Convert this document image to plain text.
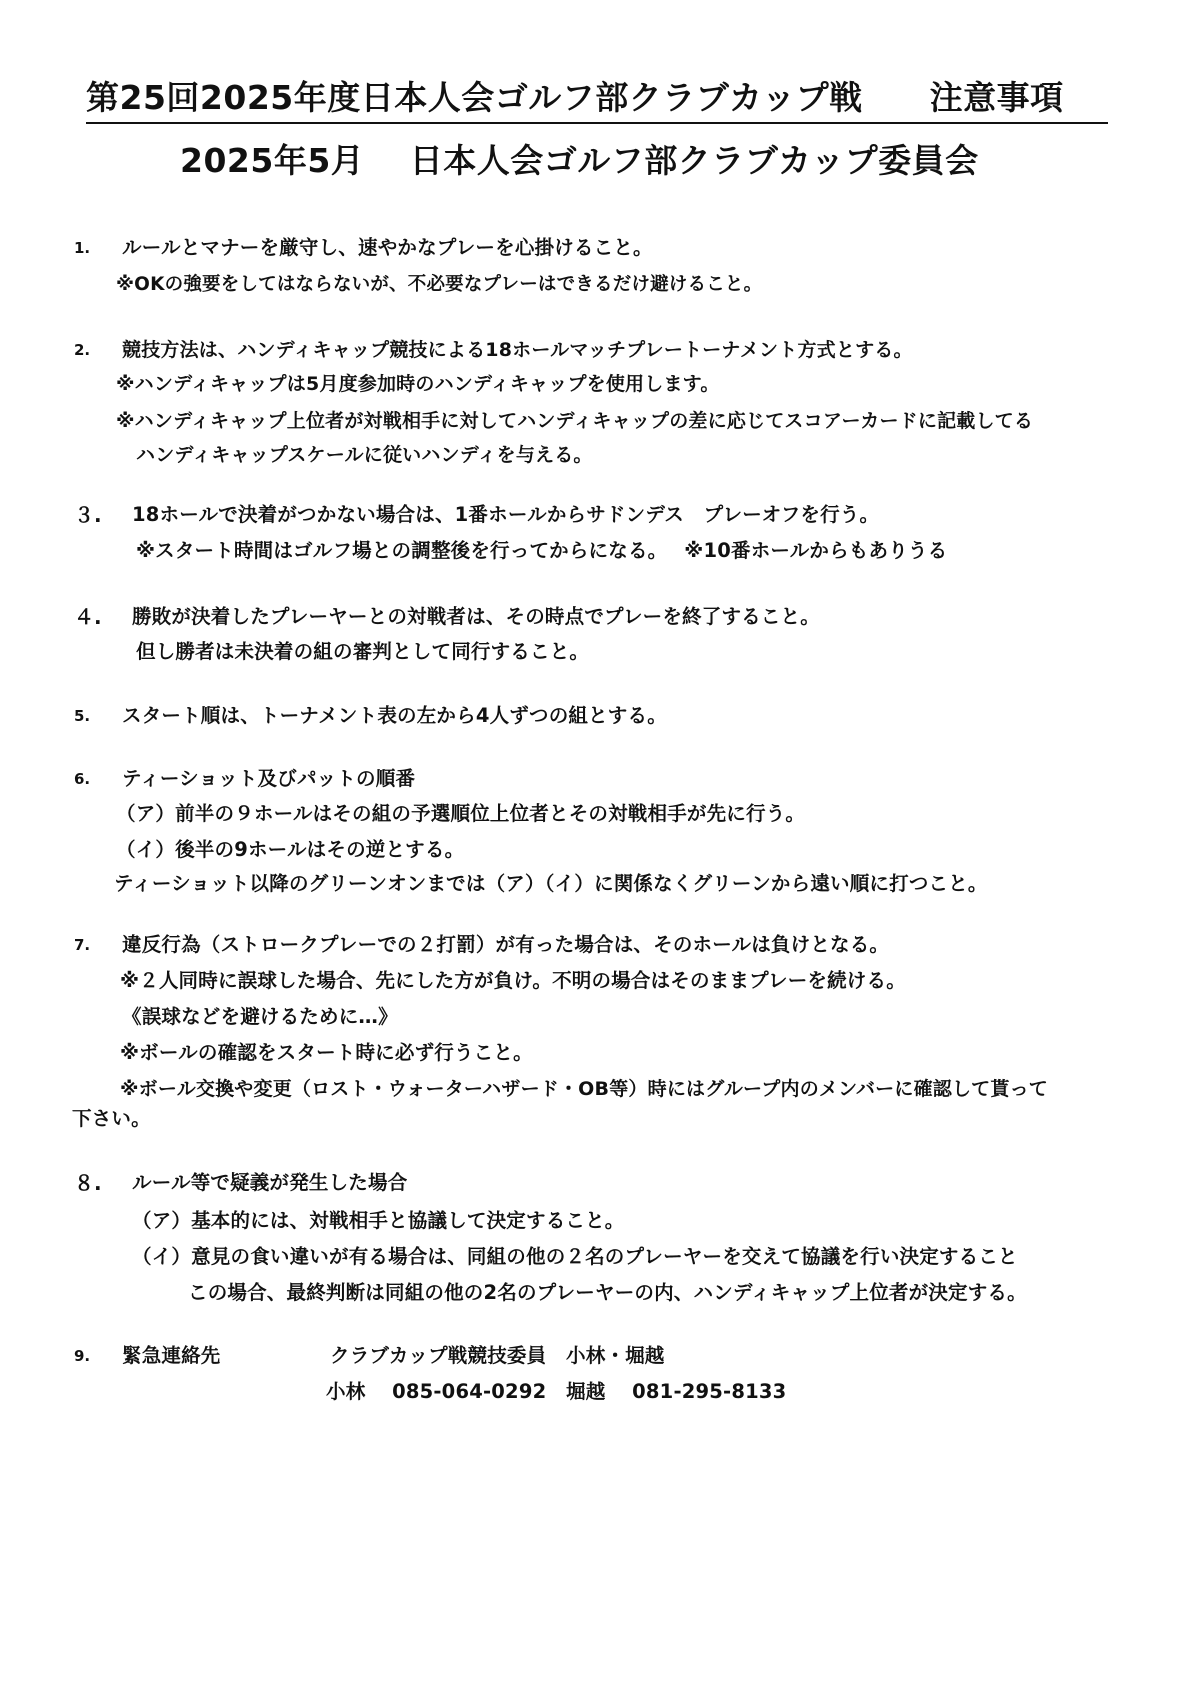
第25回2025年度日本人会ゴルフ部クラブカップ戦　　注意事項
2025年5月　 日本人会ゴルフ部クラブカップ委員会
1. ルールとマナーを厳守し、速やかなプレーを心掛けること。
※OKの強要をしてはならないが、不必要なプレーはできるだけ避けること。
2. 競技方法は、ハンディキャップ競技による18ホールマッチプレートーナメント方式とする。
※ハンディキャップは5月度参加時のハンディキャップを使用します。
※ハンディキャップ上位者が対戦相手に対してハンディキャップの差に応じてスコアーカードに記載してる
ハンディキャップスケールに従いハンディを与える。
３. 18ホールで決着がつかない場合は、1番ホールからサドンデス　プレーオフを行う。
※スタート時間はゴルフ場との調整後を行ってからになる。　 ※10番ホールからもありうる
４. 勝敗が決着したプレーヤーとの対戦者は、その時点でプレーを終了すること。
但し勝者は未決着の組の審判として同行すること。
5. スタート順は、トーナメント表の左から4人ずつの組とする。
6. ティーショット及びパットの順番
（ア）前半の９ホールはその組の予選順位上位者とその対戦相手が先に行う。
（イ）後半の9ホールはその逆とする。
ティーショット以降のグリーンオンまでは（ア）（イ）に関係なくグリーンから遠い順に打つこと。
7. 違反行為（ストロークプレーでの２打罰）が有った場合は、そのホールは負けとなる。
※２人同時に誤球した場合、先にした方が負け。不明の場合はそのままプレーを続ける。
《誤球などを避けるために…》
※ボールの確認をスタート時に必ず行うこと。
※ボール交換や変更（ロスト・ウォーターハザード・OB等）時にはグループ内のメンバーに確認して貰って
下さい。
８. ルール等で疑義が発生した場合
（ア）基本的には、対戦相手と協議して決定すること。
（イ）意見の食い違いが有る場合は、同組の他の２名のプレーヤーを交えて協議を行い決定すること
この場合、最終判断は同組の他の2名のプレーヤーの内、ハンディキャップ上位者が決定する。
9. 緊急連絡先	クラブカップ戦競技委員　小林・堀越
小林　 085-064-0292　堀越　 081-295-8133
